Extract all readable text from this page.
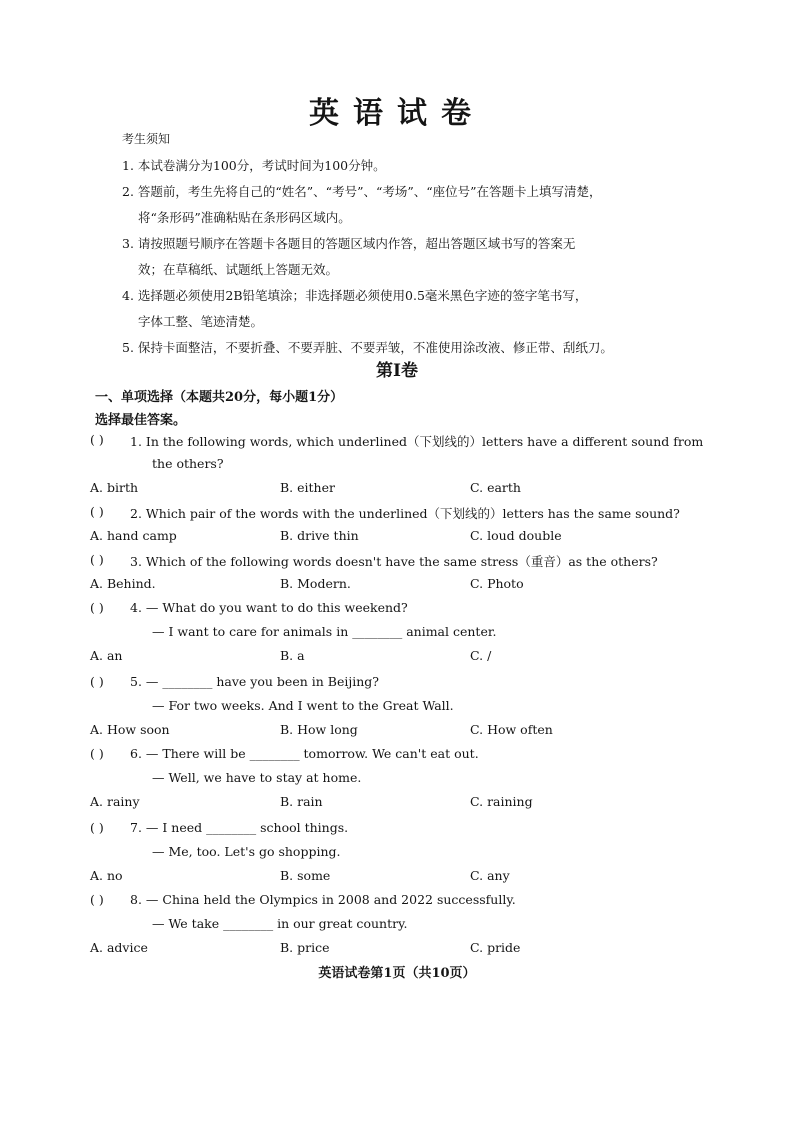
英语试卷
考生须知

1. 本试卷满分为100分，考试时间为100分钟。

2. 答题前，考生先将自己的“姓名”、“考号”、“考场”、“座位号”在答题卡上填写清楚，

将“条形码”准确粘贴在条形码区域内。

3. 请按照题号顺序在答题卡各题目的答题区域内作答，超出答题区域书写的答案无

效；在草稿纸、试题纸上答题无效。

4. 选择题必须使用2B铅笔填涂；非选择题必须使用0.5毫米黑色字迹的签字笔书写，

字体工整、笔迹清楚。

5. 保持卡面整洁，不要折叠、不要弄脏、不要弄皱，不准使用涂改液、修正带、刮纸刀。

第Ⅰ卷
一、单项选择（本题共20分，每小题1分）
选择最佳答案。
( ) 1. In the following words, which underlined（下划线的）letters have a different sound from
the others?
A. birth	B. either	C. earth
( ) 2. Which pair of the words with the underlined（下划线的）letters has the same sound?
A. hand camp	B. drive thin	C. loud double
( ) 3. Which of the following words doesn't have the same stress（重音）as the others?
A. Behind.	B. Modern.	C. Photo
( ) 4. — What do you want to do this weekend?
— I want to care for animals in ________ animal center.
A. an	B. a	C. /
( ) 5. — ________ have you been in Beijing?
— For two weeks. And I went to the Great Wall.
A. How soon	B. How long	C. How often
( ) 6. — There will be ________ tomorrow. We can't eat out.
— Well, we have to stay at home.
A. rainy	B. rain	C. raining
( ) 7. — I need ________ school things.
— Me, too. Let's go shopping.
A. no	B. some	C. any
( ) 8. — China held the Olympics in 2008 and 2022 successfully.
— We take ________ in our great country.
A. advice	B. price	C. pride
英语试卷第1页（共10页）
